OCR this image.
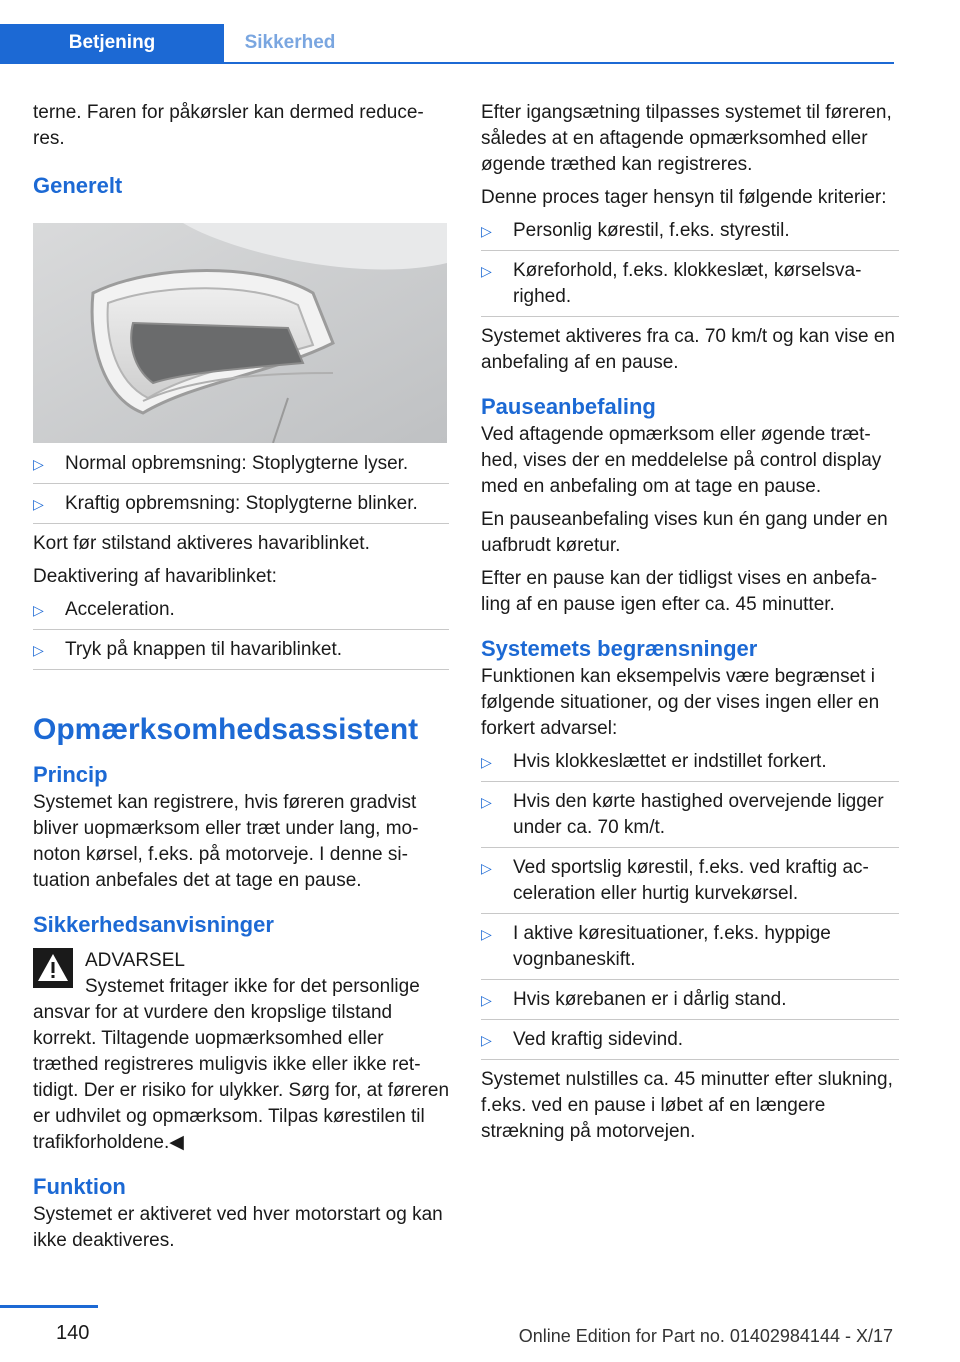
Betjening	Sikkerhed

terne. Faren for påkørsler kan dermed reduceres.

Generelt
▷ Normal opbremsning: Stoplygterne lyser.
▷ Kraftig opbremsning: Stoplygterne blinker.

Kort før stilstand aktiveres havariblinket.

Deaktivering af havariblinket:

▷ Acceleration.
▷ Tryk på knappen til havariblinket.
Opmærksomhedsassistent
Princip

Systemet kan registrere, hvis føreren gradvist bliver uopmærksom eller træt under lang, monoton kørsel, f.eks. på motorveje. I denne situation anbefales det at tage en pause.

Sikkerhedsanvisninger

ADVARSEL

Systemet fritager ikke for det personlige ansvar for at vurdere den kropslige tilstand korrekt. Tiltagende uopmærksomhed eller træthed registreres muligvis ikke eller ikke rettidigt. Der er risiko for ulykker. Sørg for, at føreren er udhvilet og opmærksom. Tilpas kørestilen til trafikforholdene.◀

Funktion

Systemet er aktiveret ved hver motorstart og kan ikke deaktiveres.

Efter igangsætning tilpasses systemet til føreren, således at en aftagende opmærksomhed eller øgende træthed kan registreres.

Denne proces tager hensyn til følgende kriterier:

▷ Personlig kørestil, f.eks. styrestil.
▷ Køreforhold, f.eks. klokkeslæt, kørselsvarighed.

Systemet aktiveres fra ca. 70 km/t og kan vise en anbefaling af en pause.

Pauseanbefaling

Ved aftagende opmærksom eller øgende træthed, vises der en meddelelse på control display med en anbefaling om at tage en pause.

En pauseanbefaling vises kun én gang under en uafbrudt køretur.

Efter en pause kan der tidligst vises en anbefaling af en pause igen efter ca. 45 minutter.

Systemets begrænsninger

Funktionen kan eksempelvis være begrænset i følgende situationer, og der vises ingen eller en forkert advarsel:

▷ Hvis klokkeslættet er indstillet forkert.
▷ Hvis den kørte hastighed overvejende ligger under ca. 70 km/t.
▷ Ved sportslig kørestil, f.eks. ved kraftig acceleration eller hurtig kurvekørsel.
▷ I aktive køresituationer, f.eks. hyppige vognbaneskift.
▷ Hvis kørebanen er i dårlig stand.
▷ Ved kraftig sidevind.

Systemet nulstilles ca. 45 minutter efter slukning, f.eks. ved en pause i løbet af en længere strækning på motorvejen.

140	Online Edition for Part no. 01402984144 - X/17
